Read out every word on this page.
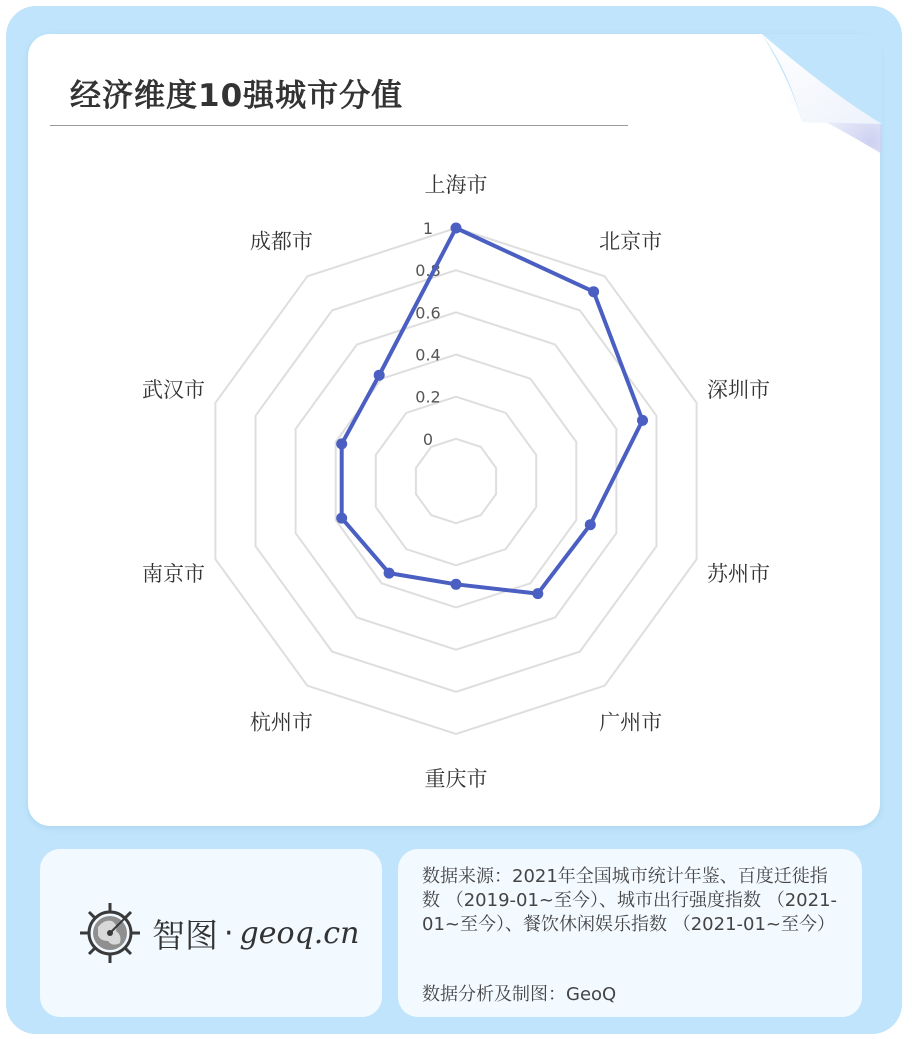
经济维度10强城市分值
0
0.2
0.4
0.6
0.8
1
上海市
北京市
深圳市
苏州市
广州市
重庆市
杭州市
南京市
武汉市
成都市
智图 · geoq.cn
数据来源：2021年全国城市统计年鉴、百度迁徙指数 （2019-01~至今）、城市出行强度指数 （2021-01~至今）、餐饮休闲娱乐指数 （2021-01~至今）
数据分析及制图：GeoQ
